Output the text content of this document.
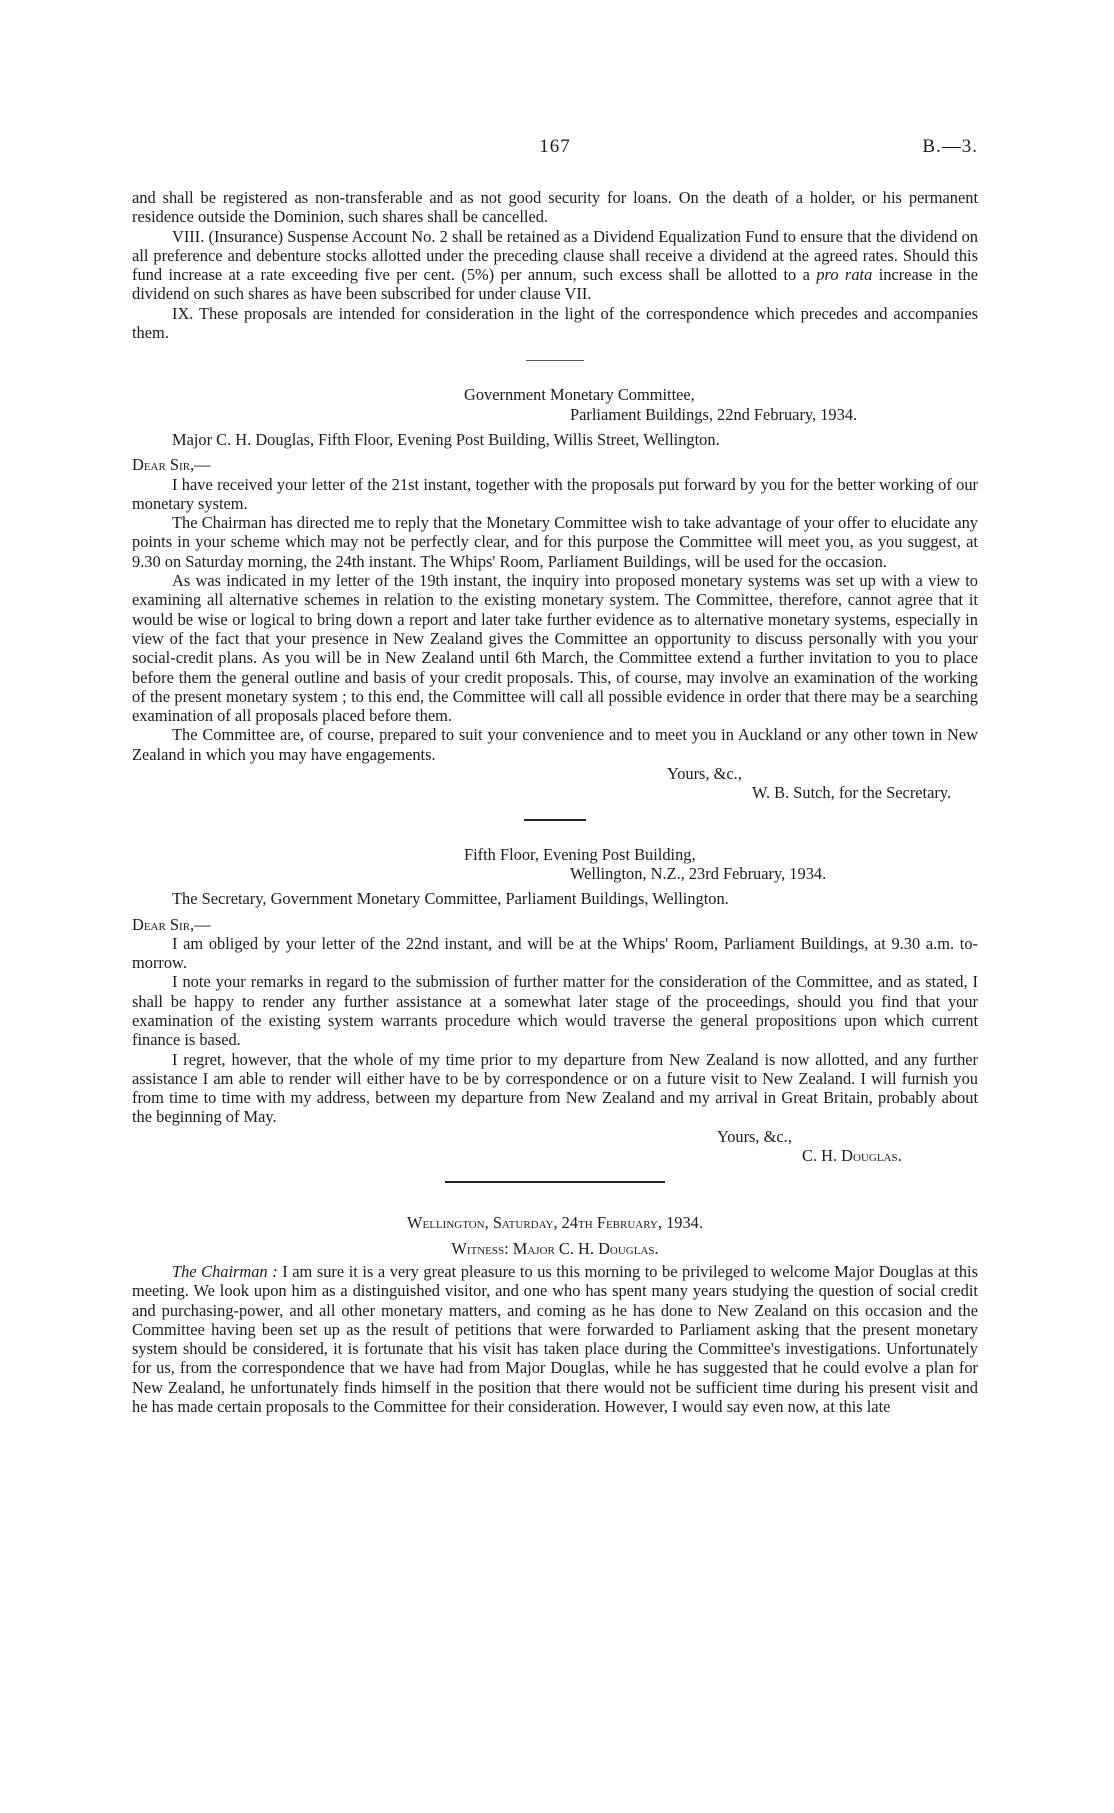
167	B.—3.

and shall be registered as non-transferable and as not good security for loans. On the death of a holder, or his permanent residence outside the Dominion, such shares shall be cancelled.

VIII. (Insurance) Suspense Account No. 2 shall be retained as a Dividend Equalization Fund to ensure that the dividend on all preference and debenture stocks allotted under the preceding clause shall receive a dividend at the agreed rates. Should this fund increase at a rate exceeding five per cent. (5%) per annum, such excess shall be allotted to a pro rata increase in the dividend on such shares as have been subscribed for under clause VII.

IX. These proposals are intended for consideration in the light of the correspondence which precedes and accompanies them.

Government Monetary Committee,

Parliament Buildings, 22nd February, 1934.

Major C. H. Douglas, Fifth Floor, Evening Post Building, Willis Street, Wellington.

Dear Sir,—

I have received your letter of the 21st instant, together with the proposals put forward by you for the better working of our monetary system.

The Chairman has directed me to reply that the Monetary Committee wish to take advantage of your offer to elucidate any points in your scheme which may not be perfectly clear, and for this purpose the Committee will meet you, as you suggest, at 9.30 on Saturday morning, the 24th instant. The Whips' Room, Parliament Buildings, will be used for the occasion.

As was indicated in my letter of the 19th instant, the inquiry into proposed monetary systems was set up with a view to examining all alternative schemes in relation to the existing monetary system. The Committee, therefore, cannot agree that it would be wise or logical to bring down a report and later take further evidence as to alternative monetary systems, especially in view of the fact that your presence in New Zealand gives the Committee an opportunity to discuss personally with you your social-credit plans. As you will be in New Zealand until 6th March, the Committee extend a further invitation to you to place before them the general outline and basis of your credit proposals. This, of course, may involve an examination of the working of the present monetary system ; to this end, the Committee will call all possible evidence in order that there may be a searching examination of all proposals placed before them.

The Committee are, of course, prepared to suit your convenience and to meet you in Auckland or any other town in New Zealand in which you may have engagements.

Yours, &c.,

W. B. Sutch, for the Secretary.

Fifth Floor, Evening Post Building,

Wellington, N.Z., 23rd February, 1934.

The Secretary, Government Monetary Committee, Parliament Buildings, Wellington.

Dear Sir,—

I am obliged by your letter of the 22nd instant, and will be at the Whips' Room, Parliament Buildings, at 9.30 a.m. to-morrow.

I note your remarks in regard to the submission of further matter for the consideration of the Committee, and as stated, I shall be happy to render any further assistance at a somewhat later stage of the proceedings, should you find that your examination of the existing system warrants procedure which would traverse the general propositions upon which current finance is based.

I regret, however, that the whole of my time prior to my departure from New Zealand is now allotted, and any further assistance I am able to render will either have to be by correspondence or on a future visit to New Zealand. I will furnish you from time to time with my address, between my departure from New Zealand and my arrival in Great Britain, probably about the beginning of May.

Yours, &c.,

C. H. Douglas.

Wellington, Saturday, 24th February, 1934.

Witness: Major C. H. Douglas.

The Chairman : I am sure it is a very great pleasure to us this morning to be privileged to welcome Major Douglas at this meeting. We look upon him as a distinguished visitor, and one who has spent many years studying the question of social credit and purchasing-power, and all other monetary matters, and coming as he has done to New Zealand on this occasion and the Committee having been set up as the result of petitions that were forwarded to Parliament asking that the present monetary system should be considered, it is fortunate that his visit has taken place during the Committee's investigations. Unfortunately for us, from the correspondence that we have had from Major Douglas, while he has suggested that he could evolve a plan for New Zealand, he unfortunately finds himself in the position that there would not be sufficient time during his present visit and he has made certain proposals to the Committee for their consideration. However, I would say even now, at this late
